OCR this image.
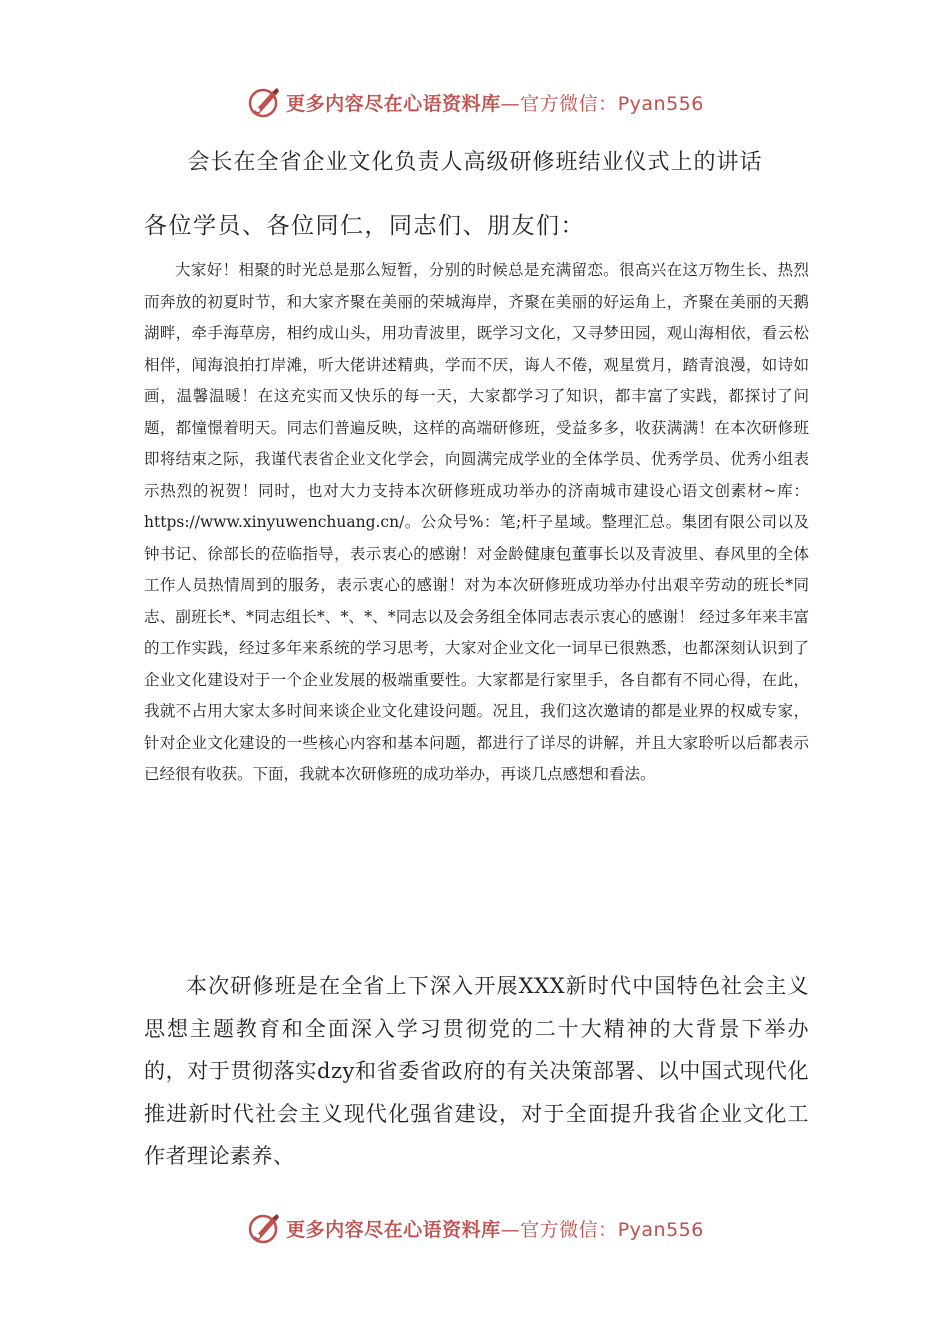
更多内容尽在心语资料库—官方微信：Pyan556
会长在全省企业文化负责人高级研修班结业仪式上的讲话
各位学员、各位同仁，同志们、朋友们：

大家好！相聚的时光总是那么短暂，分别的时候总是充满留恋。很高兴在这万物生长、热烈而奔放的初夏时节，和大家齐聚在美丽的荣城海岸，齐聚在美丽的好运角上，齐聚在美丽的天鹅湖畔，牵手海草房，相约成山头，用功青波里，既学习文化，又寻梦田园，观山海相依，看云松相伴，闻海浪拍打岸滩，听大佬讲述精典，学而不厌，诲人不倦，观星赏月，踏青浪漫，如诗如画，温馨温暖！在这充实而又快乐的每一天，大家都学习了知识，都丰富了实践，都探讨了问题，都憧憬着明天。同志们普遍反映，这样的高端研修班，受益多多，收获满满！在本次研修班即将结束之际，我谨代表省企业文化学会，向圆满完成学业的全体学员、优秀学员、优秀小组表示热烈的祝贺！同时，也对大力支持本次研修班成功举办的济南城市建设心语文创素材~库：https://www.xinyuwenchuang.cn/。公众号%：笔;杆子星域。整理汇总。集团有限公司以及钟书记、徐部长的莅临指导，表示衷心的感谢！对金龄健康包董事长以及青波里、春风里的全体工作人员热情周到的服务，表示衷心的感谢！对为本次研修班成功举办付出艰辛劳动的班长*同志、副班长*、*同志组长*、*、*、*同志以及会务组全体同志表示衷心的感谢！ 经过多年来丰富的工作实践，经过多年来系统的学习思考，大家对企业文化一词早已很熟悉，也都深刻认识到了企业文化建设对于一个企业发展的极端重要性。大家都是行家里手，各自都有不同心得，在此，我就不占用大家太多时间来谈企业文化建设问题。况且，我们这次邀请的都是业界的权威专家，针对企业文化建设的一些核心内容和基本问题，都进行了详尽的讲解，并且大家聆听以后都表示已经很有收获。下面，我就本次研修班的成功举办，再谈几点感想和看法。

本次研修班是在全省上下深入开展XXX新时代中国特色社会主义思想主题教育和全面深入学习贯彻党的二十大精神的大背景下举办的，对于贯彻落实dzy和省委省政府的有关决策部署、以中国式现代化推进新时代社会主义现代化强省建设，对于全面提升我省企业文化工作者理论素养、

更多内容尽在心语资料库—官方微信：Pyan556
